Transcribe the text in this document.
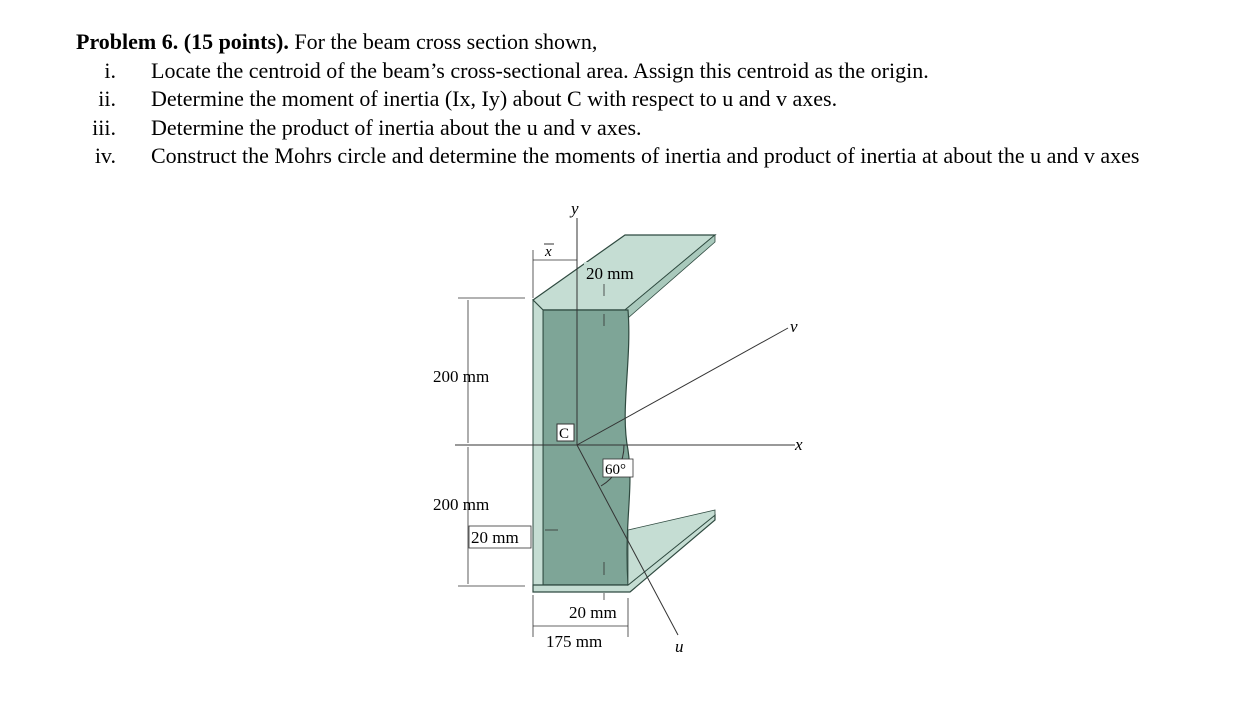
Problem 6. (15 points). For the beam cross section shown,
i. Locate the centroid of the beam’s cross-sectional area. Assign this centroid as the origin.
ii. Determine the moment of inertia (Ix, Iy) about C with respect to u and v axes.
iii. Determine the product of inertia about the u and v axes.
iv. Construct the Mohrs circle and determine the moments of inertia and product of inertia at about the u and v axes
y
x
v
u
C
60°
x
20 mm
200 mm
200 mm
20 mm
20 mm
175 mm
